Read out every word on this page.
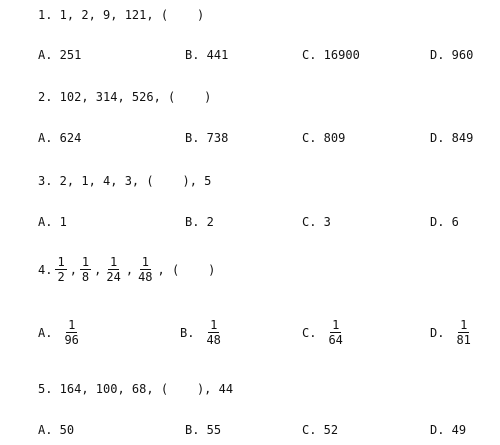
1. 1, 2, 9, 121, (    )
A. 251	B. 441	C. 16900	D. 960
2. 102, 314, 526, (    )
A. 624	B. 738	C. 809	D. 849
3. 2, 1, 4, 3, (    ), 5
A. 1	B. 2	C. 3	D. 6
4. $\frac{1}{2}$ , $\frac{1}{8}$ , $\frac{1}{24}$ , $\frac{1}{48}$ , (    )
A. $\frac{1}{96}$	B. $\frac{1}{48}$	C. $\frac{1}{64}$	D. $\frac{1}{81}$
5. 164, 100, 68, (    ), 44
A. 50	B. 55	C. 52	D. 49
